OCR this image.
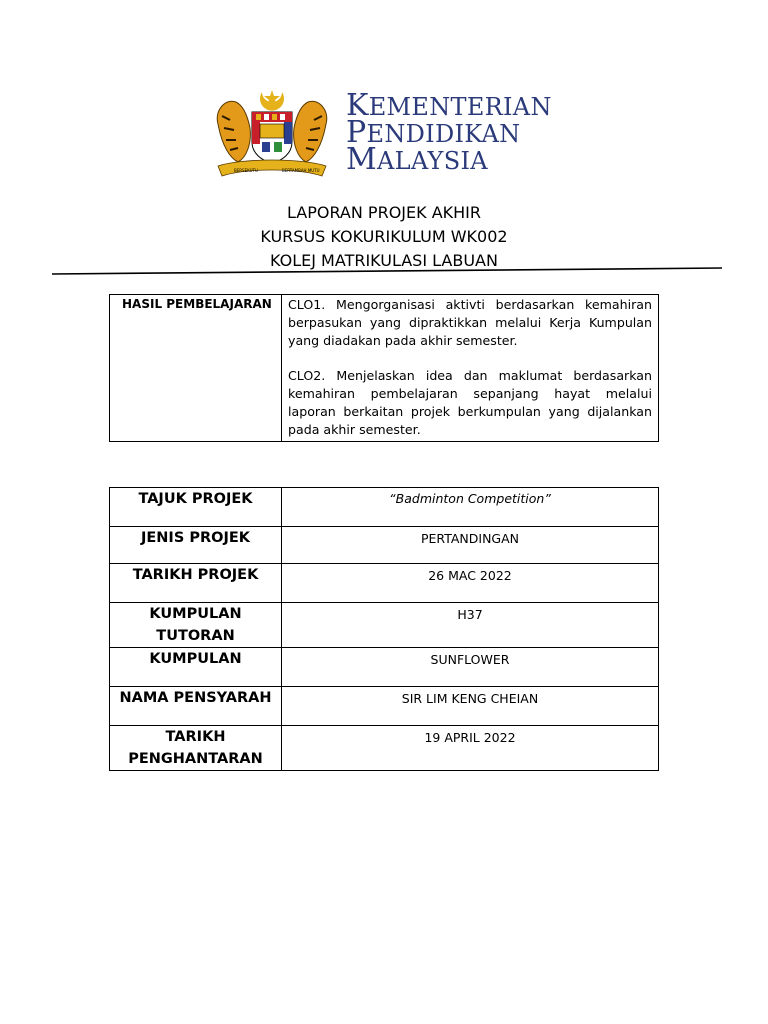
BERSEKUTU	BERTAMBAH MUTU
KEMENTERIAN
PENDIDIKAN
MALAYSIA
LAPORAN PROJEK AKHIR
KURSUS KOKURIKULUM WK002
KOLEJ MATRIKULASI LABUAN
HASIL PEMBELAJARAN	CLO1. Mengorganisasi aktivti berdasarkan kemahiran berpasukan yang dipraktikkan melalui Kerja Kumpulan yang diadakan pada akhir semester.

CLO2. Menjelaskan idea dan maklumat berdasarkan kemahiran pembelajaran sepanjang hayat melalui laporan berkaitan projek berkumpulan yang dijalankan pada akhir semester.

TAJUK PROJEK	“Badminton Competition”
JENIS PROJEK	PERTANDINGAN
TARIKH PROJEK	26 MAC 2022
KUMPULAN TUTORAN	H37
KUMPULAN	SUNFLOWER
NAMA PENSYARAH	SIR LIM KENG CHEIAN
TARIKH PENGHANTARAN	19 APRIL 2022
